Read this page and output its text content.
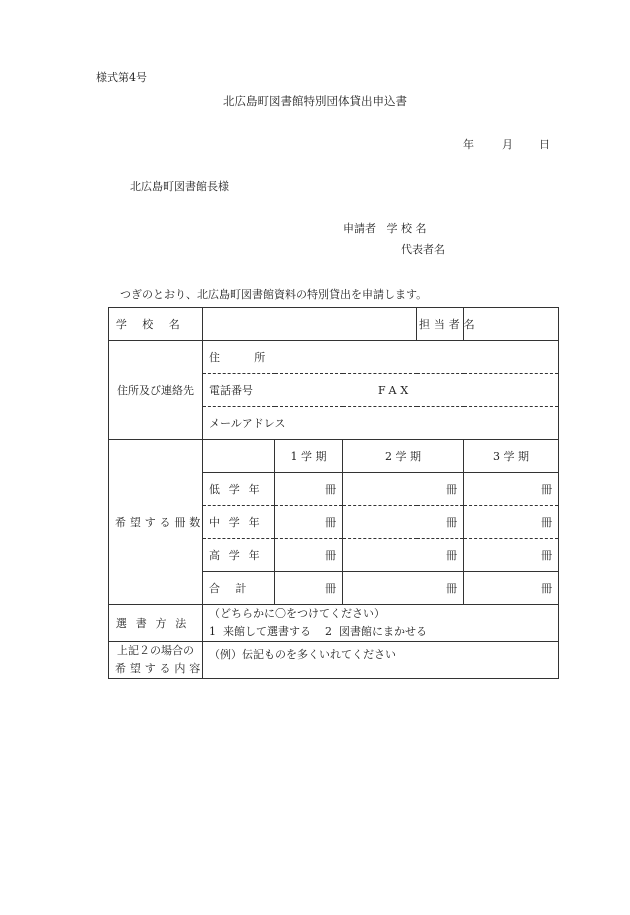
様式第4号
北広島町図書館特別団体貸出申込書
年	月 日
北広島町図書館長様
申請者 学 校 名
代表者名
つぎのとおり、北広島町図書館資料の特別貸出を申請します。
学校名				担当者名	
住所及び連絡先	住 所				
	電話番号 FAX				
	メールアドレス				
希望する冊数		1 学 期	2 学 期		3 学 期
	低学年	冊	冊		冊
	中学年	冊	冊		冊
	高学年	冊	冊		冊
	合計	冊	冊		冊
選書方法	（どちらかに〇をつけてください）
1  来館して選書する    2  図書館にまかせる				

上記２の場合の
希望する内容	（例）伝記ものを多くいれてください				
